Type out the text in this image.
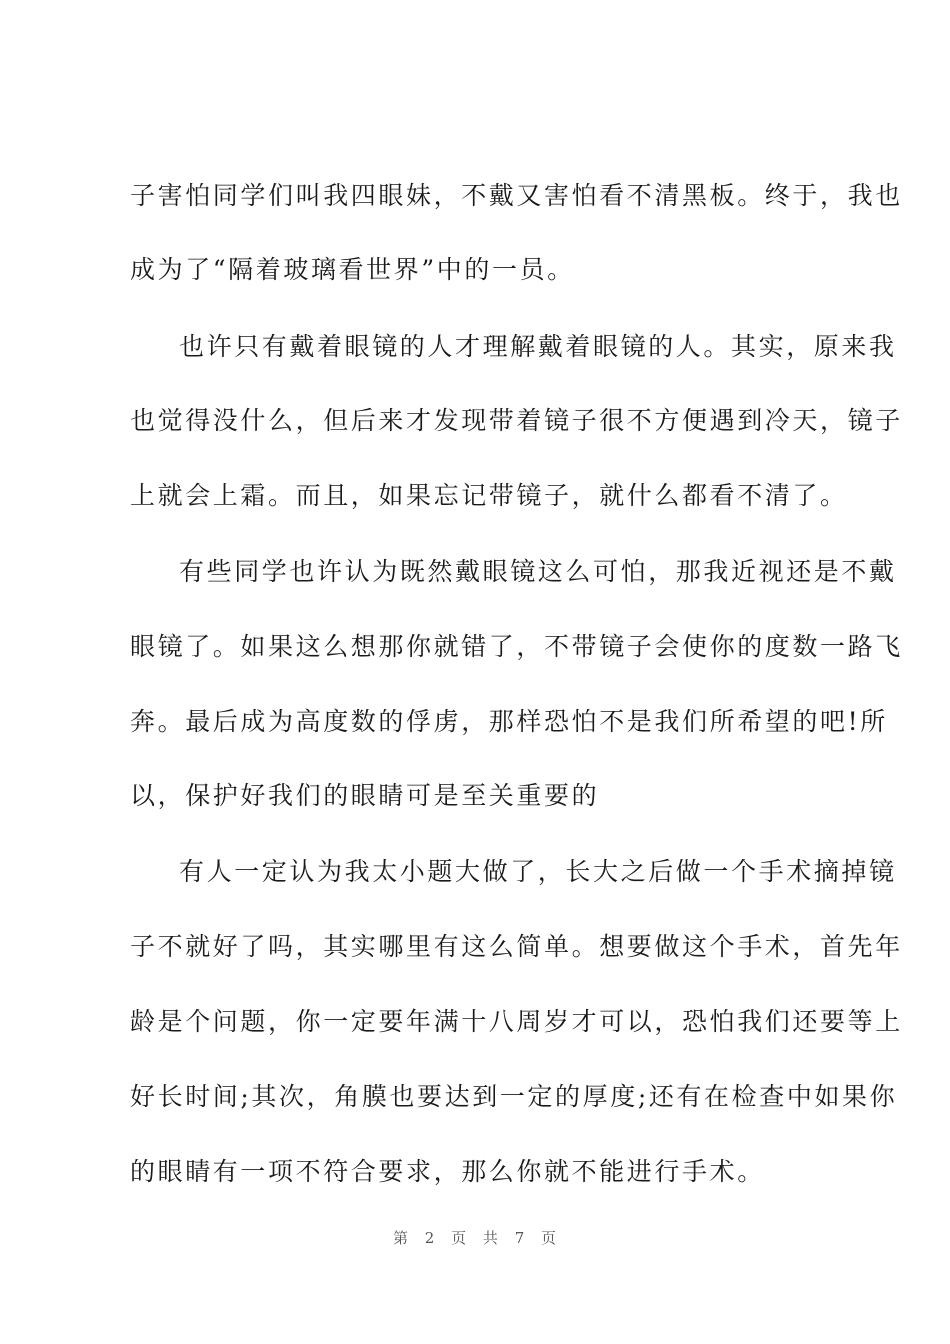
子害怕同学们叫我四眼妹，不戴又害怕看不清黑板。终于，我也
成为了“隔着玻璃看世界”中的一员。
也许只有戴着眼镜的人才理解戴着眼镜的人。其实，原来我
也觉得没什么，但后来才发现带着镜子很不方便遇到冷天，镜子
上就会上霜。而且，如果忘记带镜子，就什么都看不清了。
有些同学也许认为既然戴眼镜这么可怕，那我近视还是不戴
眼镜了。如果这么想那你就错了，不带镜子会使你的度数一路飞
奔。最后成为高度数的俘虏，那样恐怕不是我们所希望的吧!所
以，保护好我们的眼睛可是至关重要的
有人一定认为我太小题大做了，长大之后做一个手术摘掉镜
子不就好了吗，其实哪里有这么简单。想要做这个手术，首先年
龄是个问题，你一定要年满十八周岁才可以，恐怕我们还要等上
好长时间;其次，角膜也要达到一定的厚度;还有在检查中如果你
的眼睛有一项不符合要求，那么你就不能进行手术。
第 2 页 共 7 页
